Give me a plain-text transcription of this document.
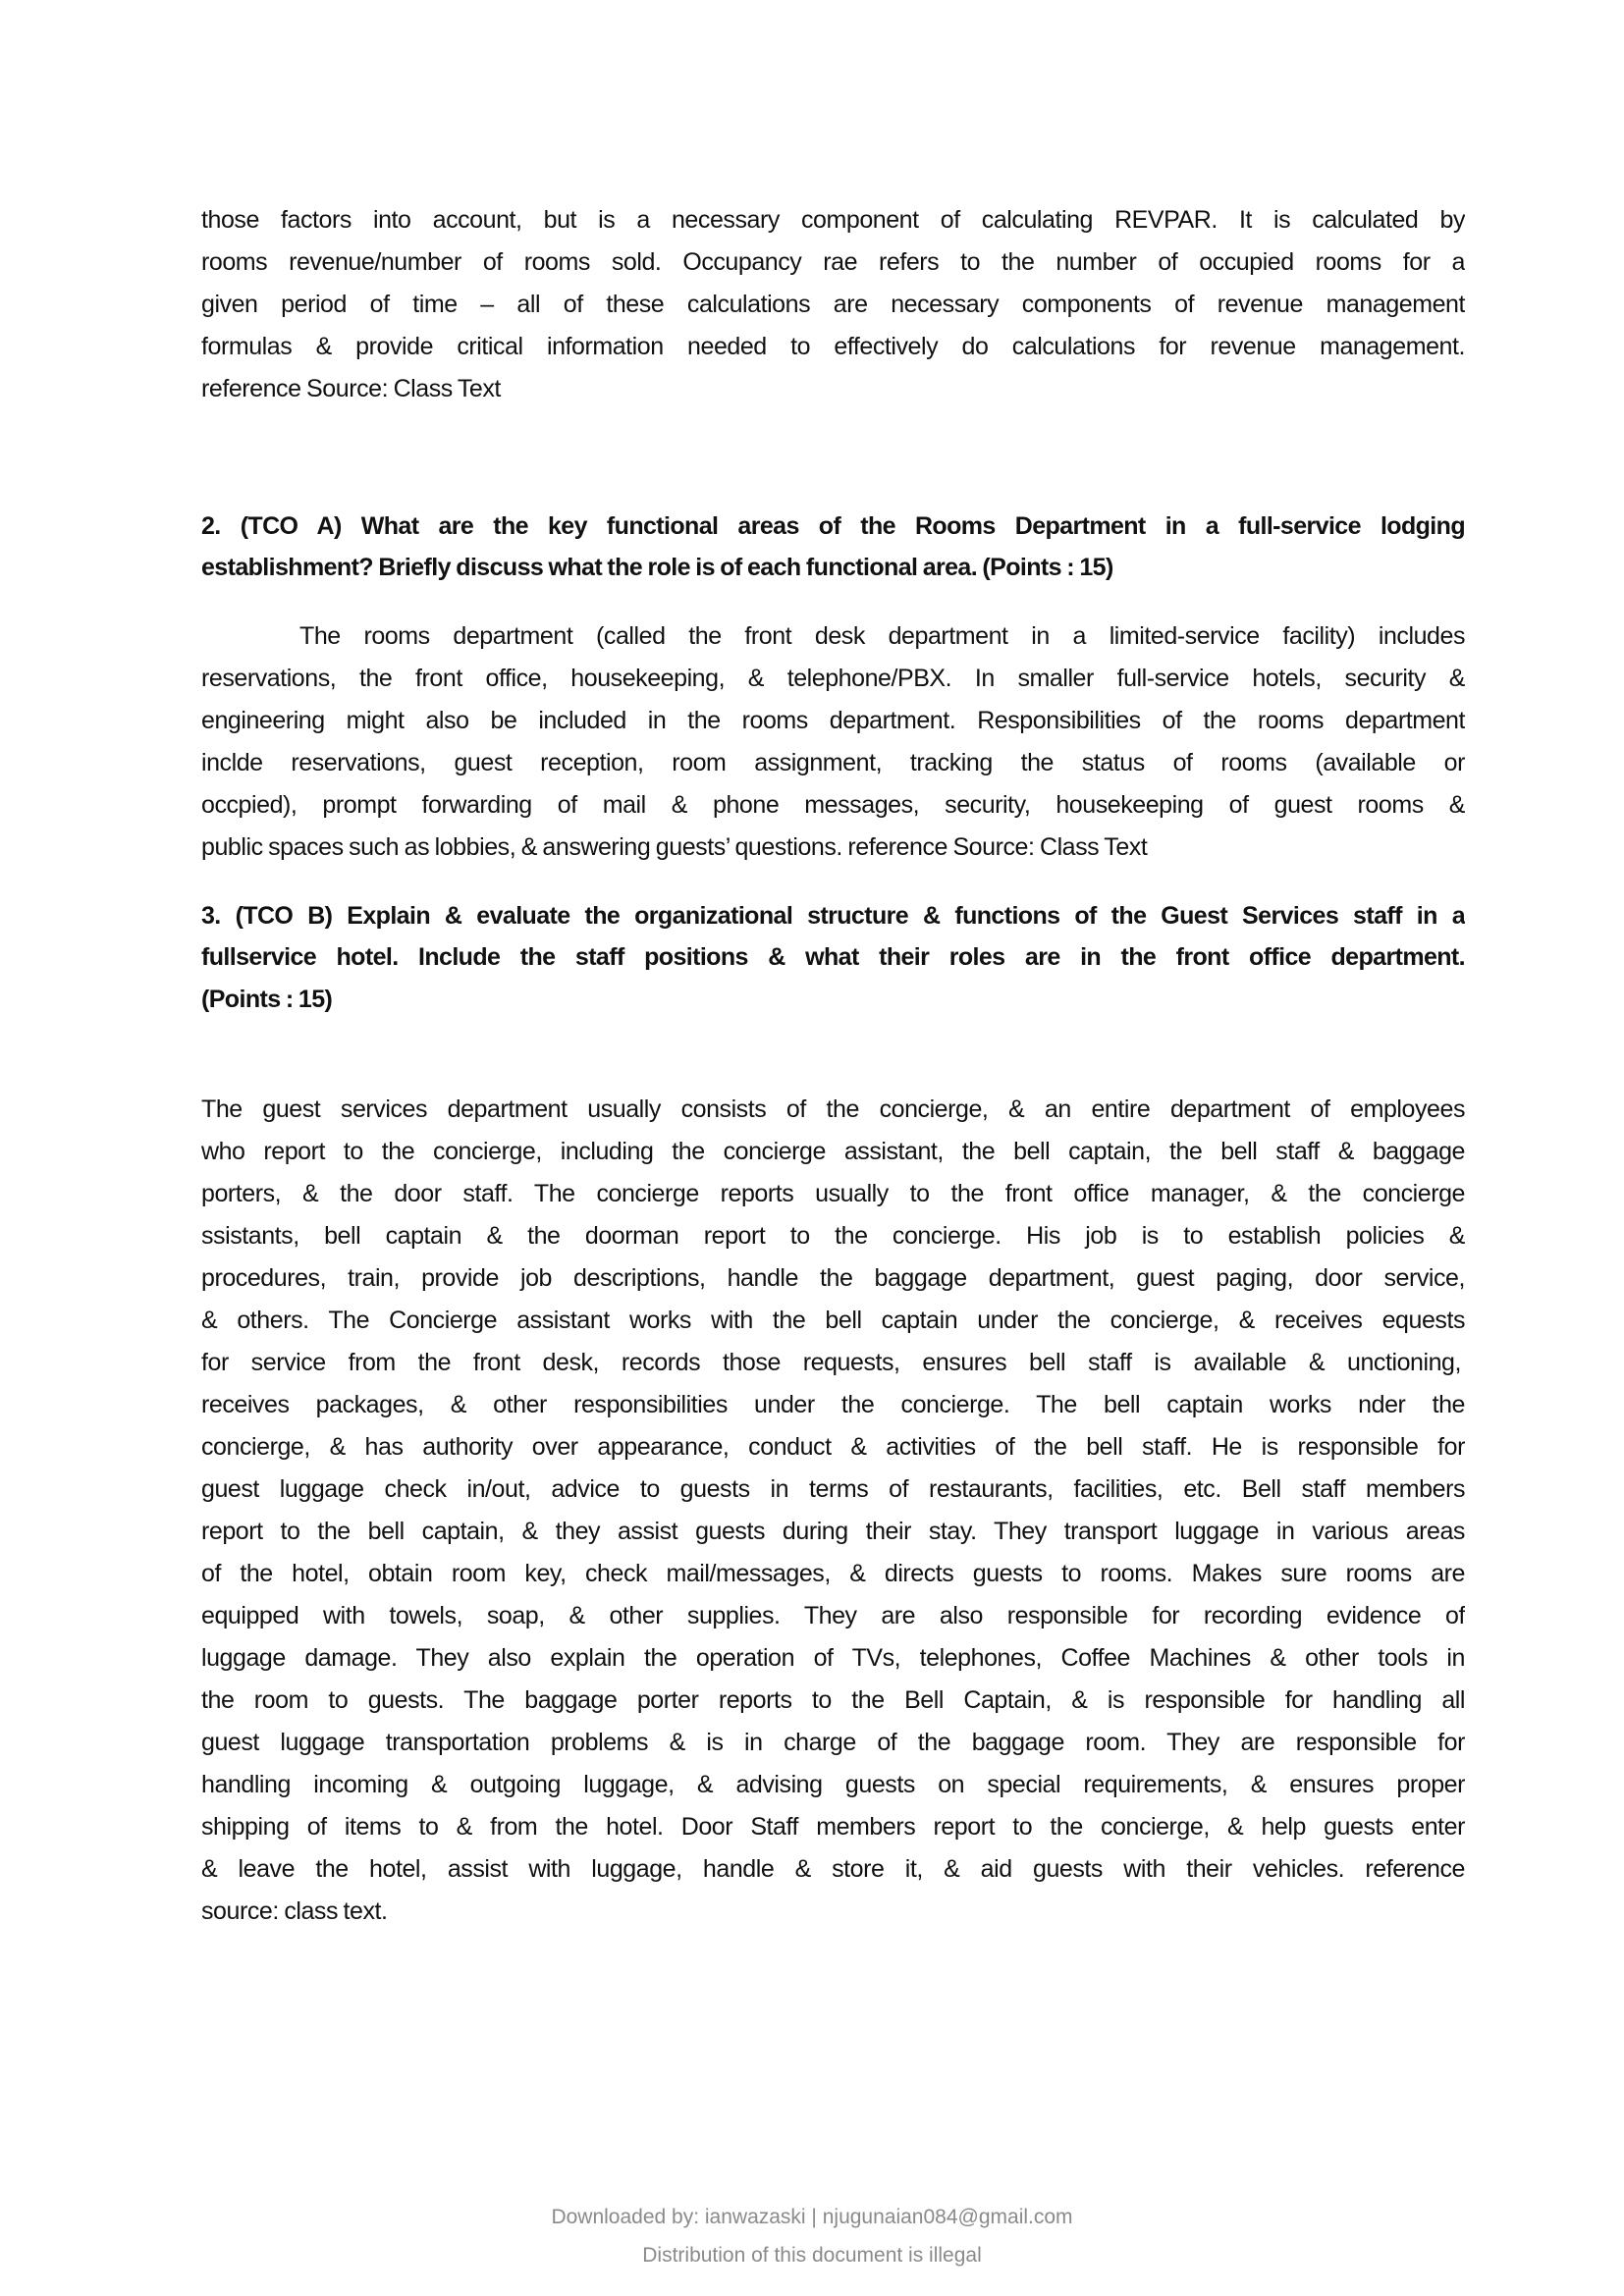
those factors into account, but is a necessary component of calculating REVPAR. It is calculated by
rooms revenue/number of rooms sold. Occupancy rae refers to the number of occupied rooms for a
given period of time – all of these calculations are necessary components of revenue management
formulas & provide critical information needed to effectively do calculations for revenue management.
reference Source: Class Text
2. (TCO A) What are the key functional areas of the Rooms Department in a full-service lodging
establishment? Briefly discuss what the role is of each functional area. (Points : 15)
The rooms department (called the front desk department in a limited-service facility) includes
reservations, the front office, housekeeping, & telephone/PBX. In smaller full-service hotels, security &
engineering might also be included in the rooms department. Responsibilities of the rooms department
inclde reservations, guest reception, room assignment, tracking the status of rooms (available or
occpied), prompt forwarding of mail & phone messages, security, housekeeping of guest rooms &
public spaces such as lobbies, & answering guests’ questions. reference Source: Class Text
3. (TCO B) Explain & evaluate the organizational structure & functions of the Guest Services staff in a
fullservice hotel. Include the staff positions & what their roles are in the front office department.
(Points : 15)
The guest services department usually consists of the concierge, & an entire department of employees
who report to the concierge, including the concierge assistant, the bell captain, the bell staff & baggage
porters, & the door staff. The concierge reports usually to the front office manager, & the concierge
ssistants, bell captain & the doorman report to the concierge. His job is to establish policies &
procedures, train, provide job descriptions, handle the baggage department, guest paging, door service,
& others. The Concierge assistant works with the bell captain under the concierge, & receives equests
for service from the front desk, records those requests, ensures bell staff is available & unctioning,
receives packages, & other responsibilities under the concierge. The bell captain works nder the
concierge, & has authority over appearance, conduct & activities of the bell staff. He is responsible for
guest luggage check in/out, advice to guests in terms of restaurants, facilities, etc. Bell staff members
report to the bell captain, & they assist guests during their stay. They transport luggage in various areas
of the hotel, obtain room key, check mail/messages, & directs guests to rooms. Makes sure rooms are
equipped with towels, soap, & other supplies. They are also responsible for recording evidence of
luggage damage. They also explain the operation of TVs, telephones, Coffee Machines & other tools in
the room to guests. The baggage porter reports to the Bell Captain, & is responsible for handling all
guest luggage transportation problems & is in charge of the baggage room. They are responsible for
handling incoming & outgoing luggage, & advising guests on special requirements, & ensures proper
shipping of items to & from the hotel. Door Staff members report to the concierge, & help guests enter
& leave the hotel, assist with luggage, handle & store it, & aid guests with their vehicles. reference
source: class text.
Downloaded by: ianwazaski | njugunaian084@gmail.com
Distribution of this document is illegal
